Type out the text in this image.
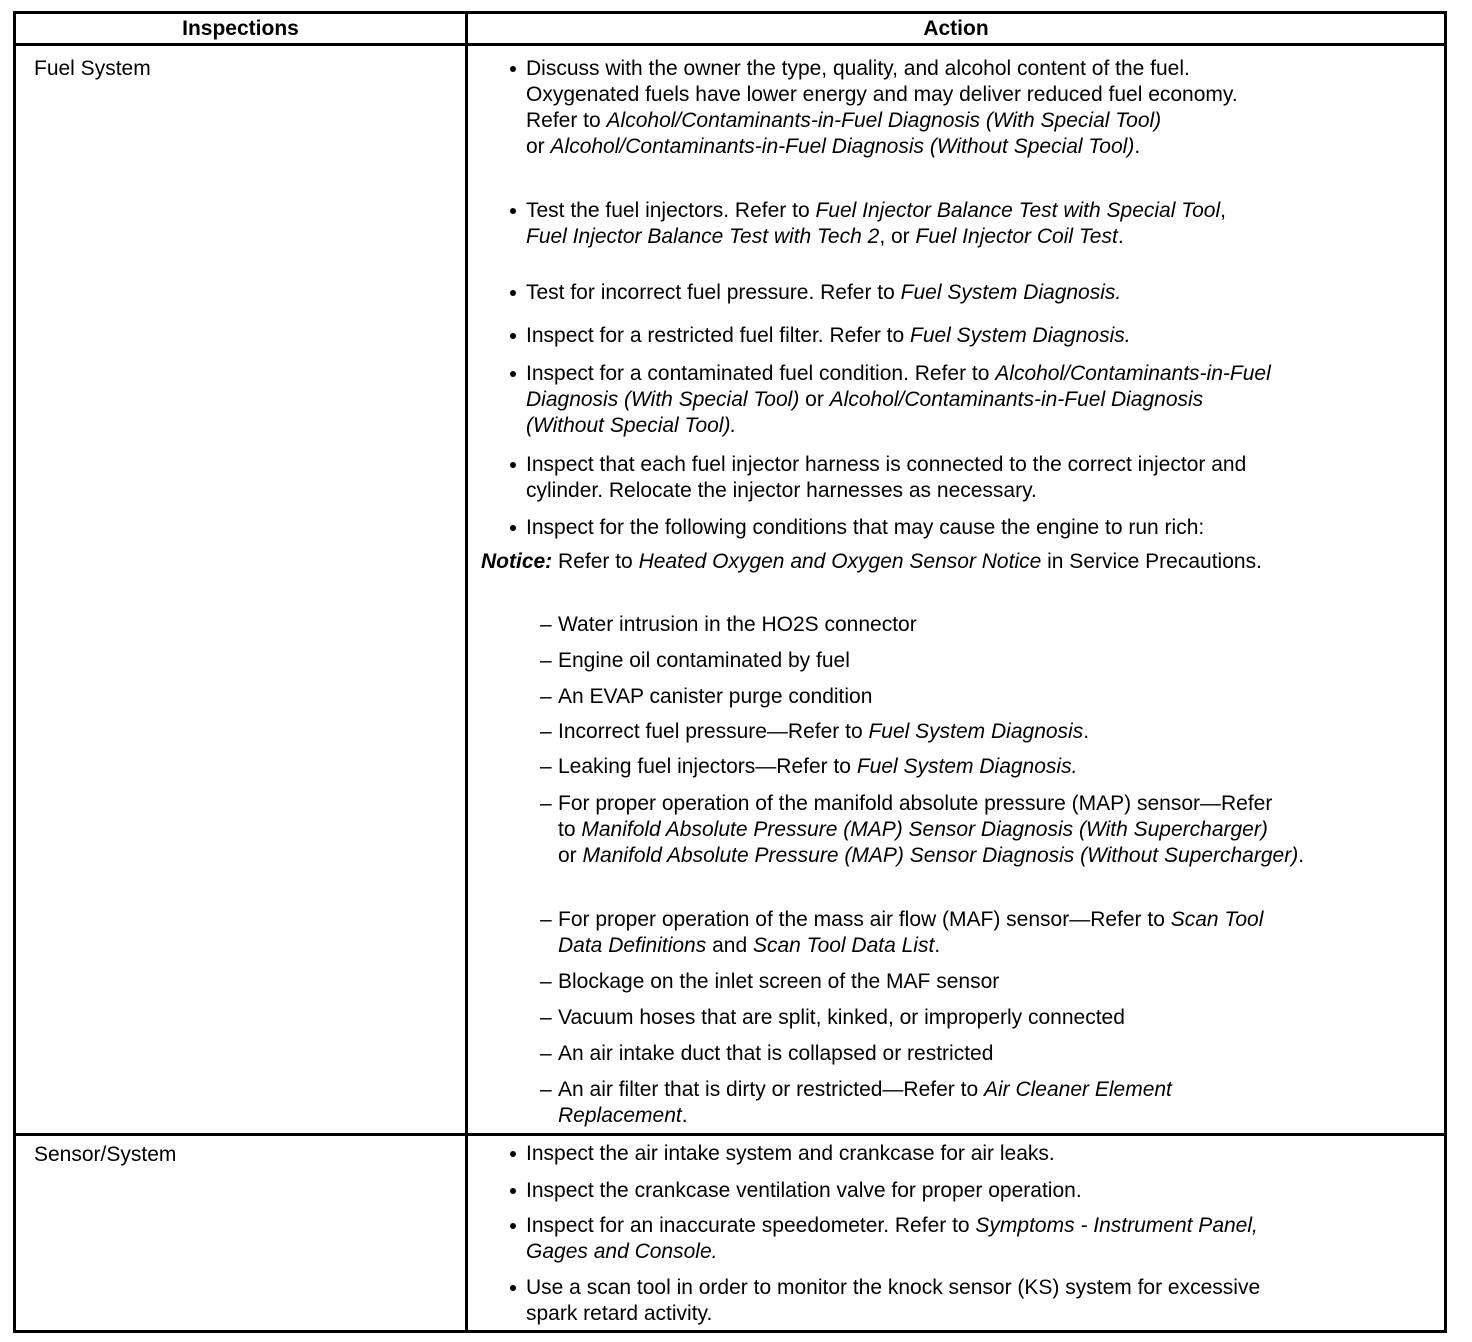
Inspections	Action
Fuel System	Discuss with the owner the type, quality, and alcohol content of the fuel.
Oxygenated fuels have lower energy and may deliver reduced fuel economy.
Refer to Alcohol/Contaminants-in-Fuel Diagnosis (With Special Tool)
or Alcohol/Contaminants-in-Fuel Diagnosis (Without Special Tool).
Test the fuel injectors. Refer to Fuel Injector Balance Test with Special Tool,
Fuel Injector Balance Test with Tech 2, or Fuel Injector Coil Test.
Test for incorrect fuel pressure. Refer to Fuel System Diagnosis.
Inspect for a restricted fuel filter. Refer to Fuel System Diagnosis.
Inspect for a contaminated fuel condition. Refer to Alcohol/Contaminants-in-Fuel
Diagnosis (With Special Tool) or Alcohol/Contaminants-in-Fuel Diagnosis
(Without Special Tool).
Inspect that each fuel injector harness is connected to the correct injector and
cylinder. Relocate the injector harnesses as necessary.
Inspect for the following conditions that may cause the engine to run rich:
Notice: Refer to Heated Oxygen and Oxygen Sensor Notice in Service Precautions.
– Water intrusion in the HO2S connector
– Engine oil contaminated by fuel
– An EVAP canister purge condition
– Incorrect fuel pressure—Refer to Fuel System Diagnosis.
– Leaking fuel injectors—Refer to Fuel System Diagnosis.
– For proper operation of the manifold absolute pressure (MAP) sensor—Refer
to Manifold Absolute Pressure (MAP) Sensor Diagnosis (With Supercharger)
or Manifold Absolute Pressure (MAP) Sensor Diagnosis (Without Supercharger).
– For proper operation of the mass air flow (MAF) sensor—Refer to Scan Tool
Data Definitions and Scan Tool Data List.
– Blockage on the inlet screen of the MAF sensor
– Vacuum hoses that are split, kinked, or improperly connected
– An air intake duct that is collapsed or restricted
– An air filter that is dirty or restricted—Refer to Air Cleaner Element
Replacement.
Sensor/System	Inspect the air intake system and crankcase for air leaks.
Inspect the crankcase ventilation valve for proper operation.
Inspect for an inaccurate speedometer. Refer to Symptoms - Instrument Panel,
Gages and Console.
Use a scan tool in order to monitor the knock sensor (KS) system for excessive
spark retard activity.
